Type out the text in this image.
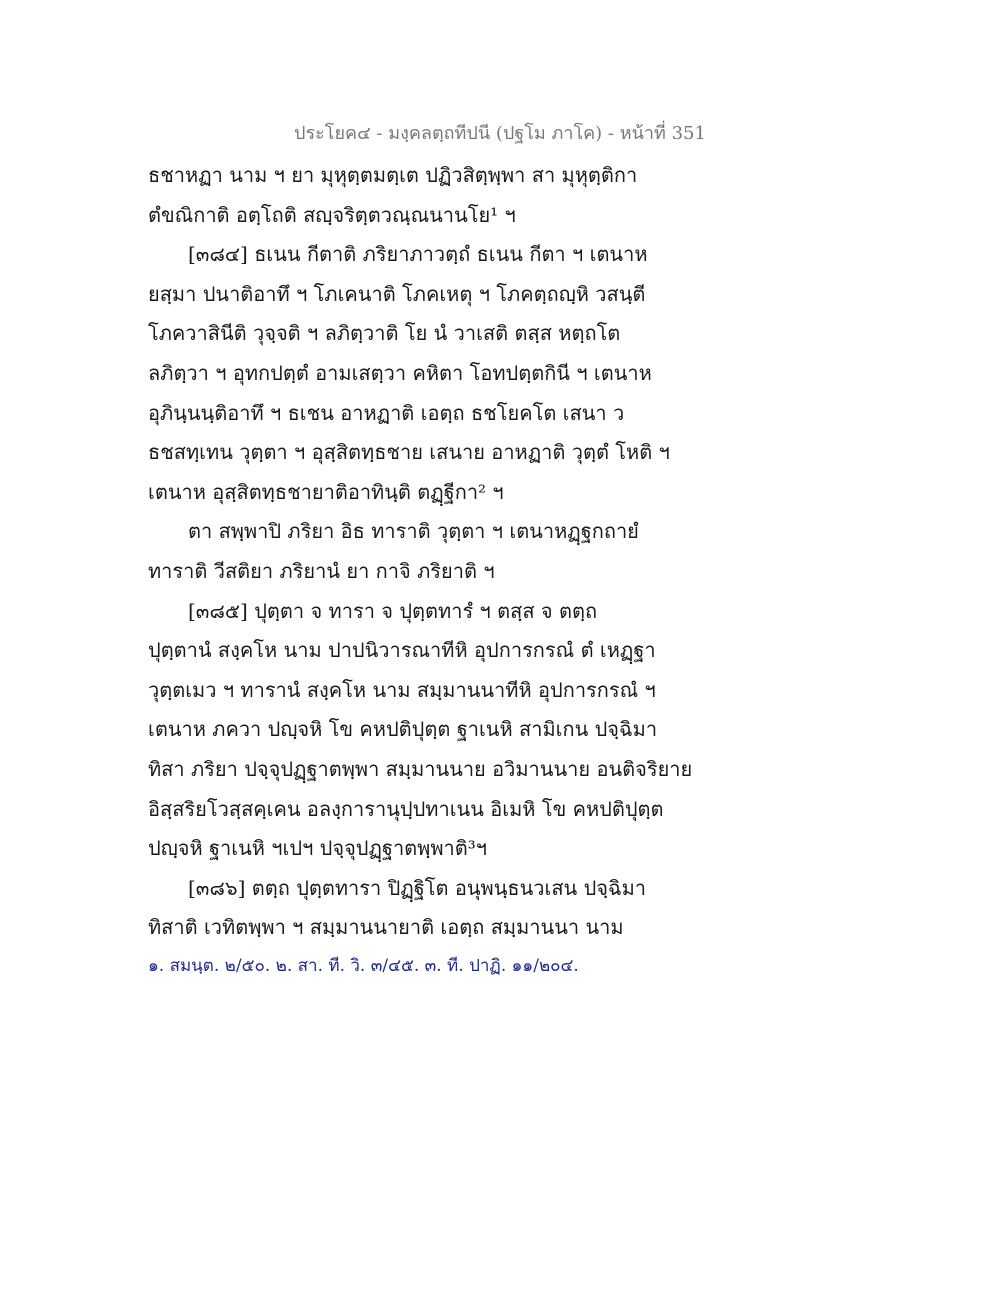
ประโยค๔ - มงฺคลตฺถทีปนี (ปฐโม ภาโค) - หน้าที่ 351
ธชาหฏา นาม ฯ ยา มุหุตฺตมตฺเต ปฏิวสิตฺพฺพา สา มุหุตฺติกา
ตํขณิกาติ อตฺโถติ สญฺจริตฺตวณฺณนานโย¹ ฯ
[๓๘๔] ธเนน กีตาติ ภริยาภาวตฺถํ ธเนน กีตา ฯ เตนาห
ยสฺมา ปนาติอาทึ ฯ โภเคนาติ โภคเหตุ ฯ โภคตฺถญฺหิ วสนฺตี
โภควาสินีติ วุจฺจติ ฯ ลภิตฺวาติ โย นํ วาเสติ ตสฺส หตฺถโต
ลภิตฺวา ฯ อุทกปตฺตํ อามเสตฺวา คหิตา โอทปตฺตกินี ฯ เตนาห
อุภินฺนนฺติอาทึ ฯ ธเชน อาหฏาติ เอตฺถ ธชโยคโต เสนา ว
ธชสทฺเทน วุตฺตา ฯ อุสฺสิตทฺธชาย เสนาย อาหฏาติ วุตฺตํ โหติ ฯ
เตนาห อุสฺสิตทฺธชายาติอาทินฺติ ตฏฺฐีกา² ฯ
ตา สพฺพาปิ ภริยา อิธ ทาราติ วุตฺตา ฯ เตนาหฏฺฐกถายํ
ทาราติ วีสติยา ภริยานํ ยา กาจิ ภริยาติ ฯ
[๓๘๕] ปุตฺตา จ ทารา จ ปุตฺตทารํ ฯ ตสฺส จ ตตฺถ
ปุตฺตานํ สงฺคโห นาม ปาปนิวารณาทีหิ อุปการกรณํ ตํ เหฏฺฐา
วุตฺตเมว ฯ ทารานํ สงฺคโห นาม สมฺมานนาทีหิ อุปการกรณํ ฯ
เตนาห ภควา ปญฺจหิ โข คหปติปุตฺต ฐาเนหิ สามิเกน ปจฺฉิมา
ทิสา ภริยา ปจฺจุปฏฺฐาตพฺพา สมฺมานนาย อวิมานนาย อนติจริยาย
อิสฺสริยโวสฺสคฺเคน อลงฺการานุปฺปทาเนน อิเมหิ โข คหปติปุตฺต
ปญฺจหิ ฐาเนหิ ฯเปฯ ปจฺจุปฏฺฐาตพฺพาติ³ฯ
[๓๘๖] ตตฺถ ปุตฺตทารา ปิฏฺฐิโต อนุพนฺธนวเสน ปจฺฉิมา
ทิสาติ เวทิตพฺพา ฯ สมฺมานนายาติ เอตฺถ สมฺมานนา นาม
๑. สมนฺต. ๒/๕๐. ๒. สา. ที. วิ. ๓/๔๕. ๓. ที. ปาฏิ. ๑๑/๒๐๔.
